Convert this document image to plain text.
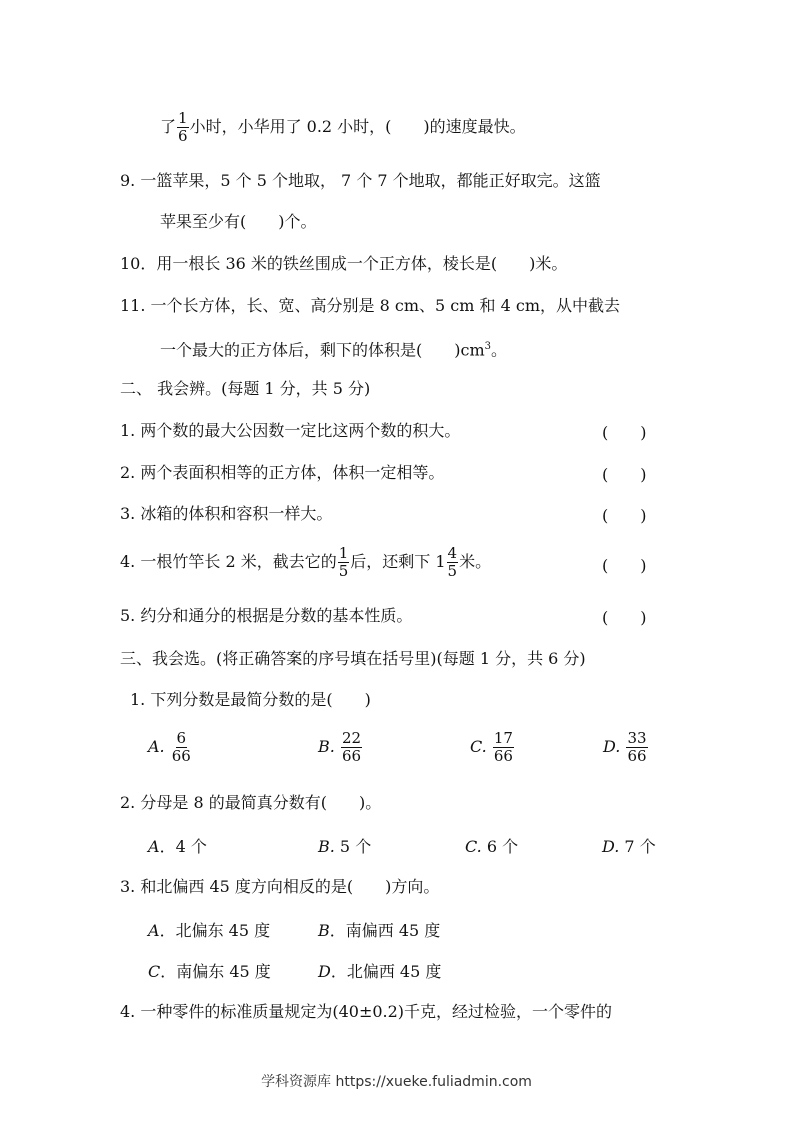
了 $\frac{1}{6}$ 小时，小华用了 0.2 小时，(　　)的速度最快。
9. 一篮苹果，5 个 5 个地取， 7 个 7 个地取，都能正好取完。这篮
苹果至少有(　　)个。
10．用一根长 36 米的铁丝围成一个正方体，棱长是(　　)米。
11. 一个长方体，长、宽、高分别是 8 cm、5 cm 和 4 cm，从中截去
一个最大的正方体后，剩下的体积是(　　)$cm^3$。
二、 我会辨。(每题 1 分，共 5 分)
1. 两个数的最大公因数一定比这两个数的积大。	(　　)
2. 两个表面积相等的正方体，体积一定相等。	(　　)
3. 冰箱的体积和容积一样大。	(　　)
4. 一根竹竿长 2 米，截去它的 $\frac{1}{5}$ 后，还剩下 $1 \frac{4}{5}$ 米。	(　　)
5. 约分和通分的根据是分数的基本性质。	(　　)
三、我会选。(将正确答案的序号填在括号里)(每题 1 分，共 6 分)
1. 下列分数是最简分数的是(　　)
A. $\frac{6}{66}$	B. $\frac{22}{66}$	C. $\frac{17}{66}$	D. $\frac{33}{66}$
2. 分母是 8 的最简真分数有(　　)。
A．4 个	B. 5 个	C. 6 个	D. 7 个
3. 和北偏西 45 度方向相反的是(　　)方向。
A．北偏东 45 度	B．南偏西 45 度
C．南偏东 45 度	D．北偏西 45 度
4. 一种零件的标准质量规定为(40±0.2)千克，经过检验，一个零件的
学科资源库 https://xueke.fuliadmin.com
